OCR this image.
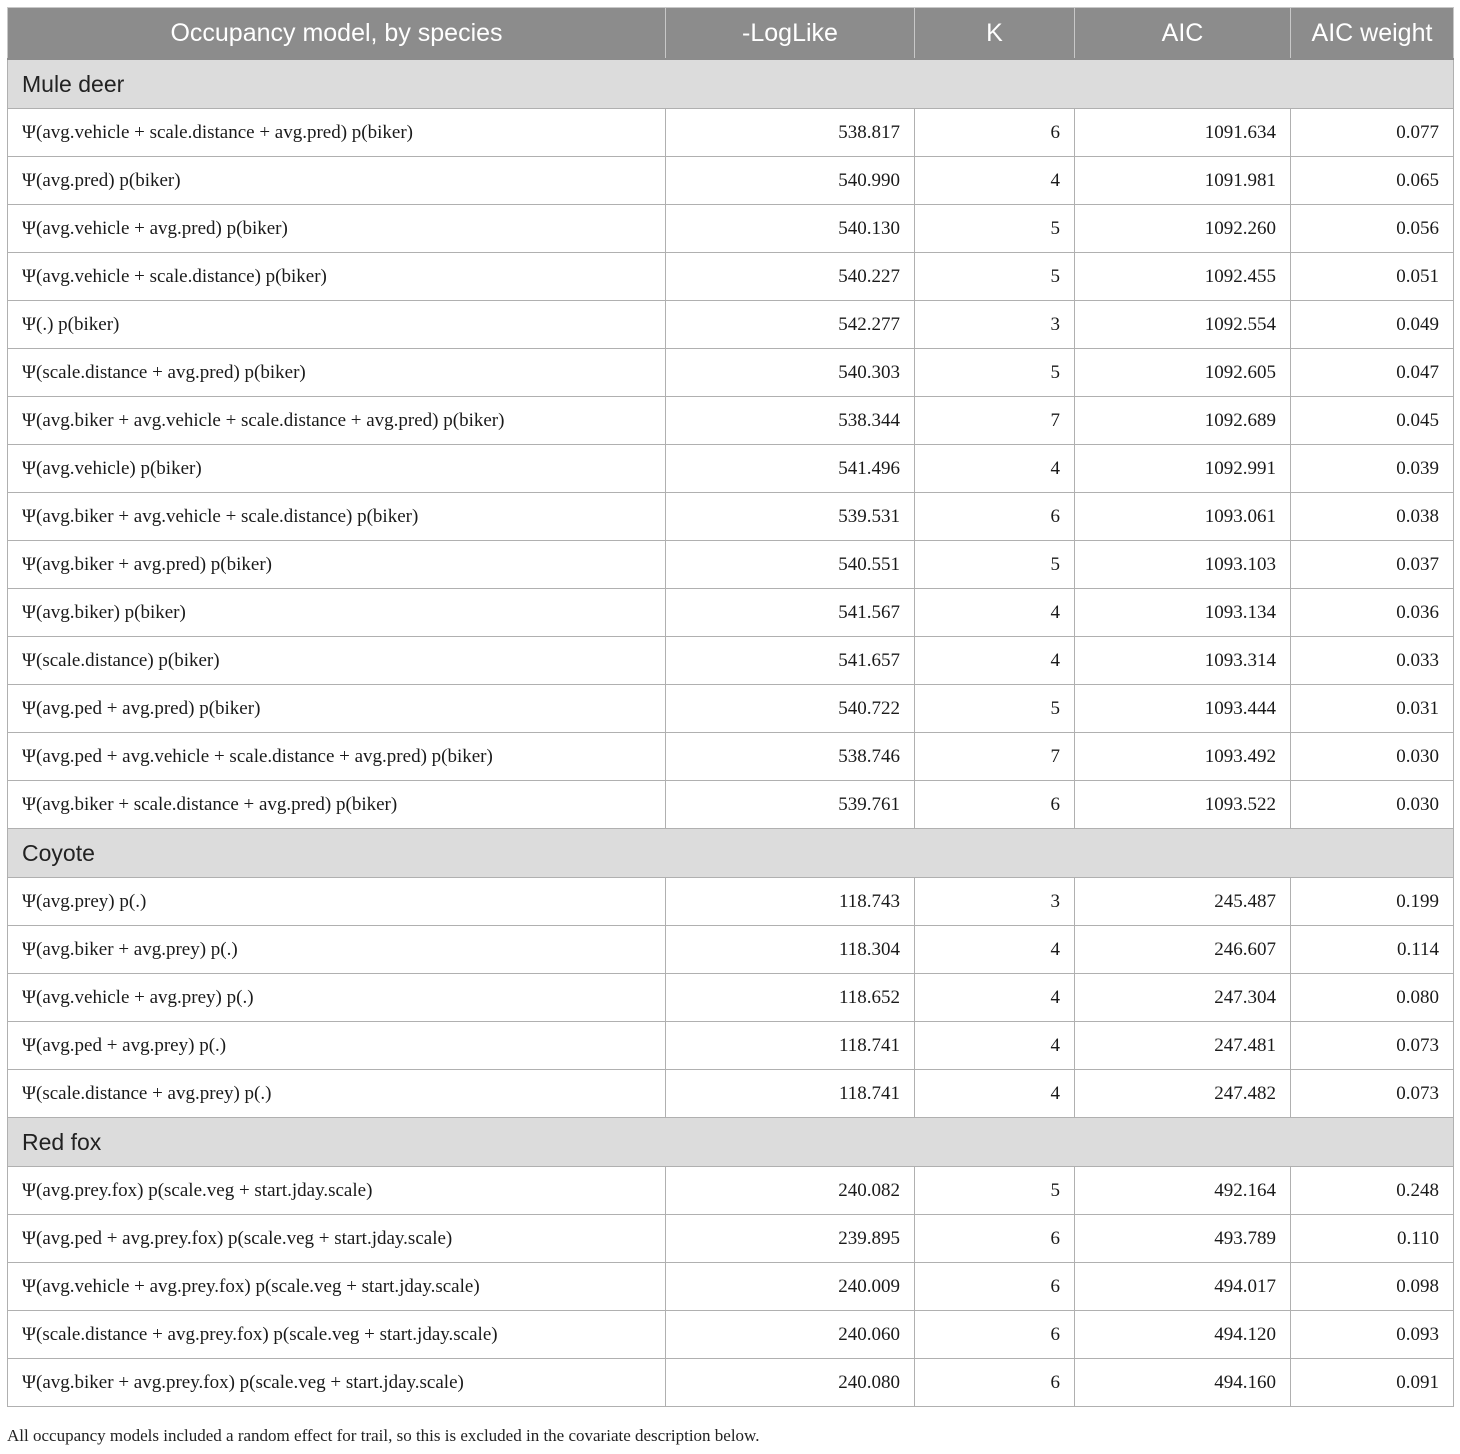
Occupancy model, by species	-LogLike	K	AIC	AIC weight
Mule deer				
Ψ(avg.vehicle + scale.distance + avg.pred) p(biker)	538.817	6	1091.634	0.077
Ψ(avg.pred) p(biker)	540.990	4	1091.981	0.065
Ψ(avg.vehicle + avg.pred) p(biker)	540.130	5	1092.260	0.056
Ψ(avg.vehicle + scale.distance) p(biker)	540.227	5	1092.455	0.051
Ψ(.) p(biker)	542.277	3	1092.554	0.049
Ψ(scale.distance + avg.pred) p(biker)	540.303	5	1092.605	0.047
Ψ(avg.biker + avg.vehicle + scale.distance + avg.pred) p(biker)	538.344	7	1092.689	0.045
Ψ(avg.vehicle) p(biker)	541.496	4	1092.991	0.039
Ψ(avg.biker + avg.vehicle + scale.distance) p(biker)	539.531	6	1093.061	0.038
Ψ(avg.biker + avg.pred) p(biker)	540.551	5	1093.103	0.037
Ψ(avg.biker) p(biker)	541.567	4	1093.134	0.036
Ψ(scale.distance) p(biker)	541.657	4	1093.314	0.033
Ψ(avg.ped + avg.pred) p(biker)	540.722	5	1093.444	0.031
Ψ(avg.ped + avg.vehicle + scale.distance + avg.pred) p(biker)	538.746	7	1093.492	0.030
Ψ(avg.biker + scale.distance + avg.pred) p(biker)	539.761	6	1093.522	0.030
Coyote				
Ψ(avg.prey) p(.)	118.743	3	245.487	0.199
Ψ(avg.biker + avg.prey) p(.)	118.304	4	246.607	0.114
Ψ(avg.vehicle + avg.prey) p(.)	118.652	4	247.304	0.080
Ψ(avg.ped + avg.prey) p(.)	118.741	4	247.481	0.073
Ψ(scale.distance + avg.prey) p(.)	118.741	4	247.482	0.073
Red fox				
Ψ(avg.prey.fox) p(scale.veg + start.jday.scale)	240.082	5	492.164	0.248
Ψ(avg.ped + avg.prey.fox) p(scale.veg + start.jday.scale)	239.895	6	493.789	0.110
Ψ(avg.vehicle + avg.prey.fox) p(scale.veg + start.jday.scale)	240.009	6	494.017	0.098
Ψ(scale.distance + avg.prey.fox) p(scale.veg + start.jday.scale)	240.060	6	494.120	0.093
Ψ(avg.biker + avg.prey.fox) p(scale.veg + start.jday.scale)	240.080	6	494.160	0.091
All occupancy models included a random effect for trail, so this is excluded in the covariate description below.
